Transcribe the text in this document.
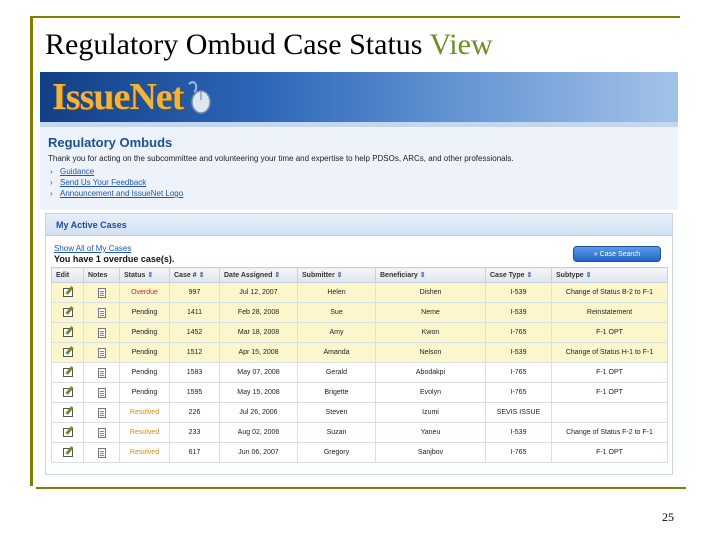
Regulatory Ombud Case Status View
IssueNet
Regulatory Ombuds
Thank you for acting on the subcommittee and volunteering your time and expertise to help PDSOs, ARCs, and other professionals.
› Guidance
› Send Us Your Feedback
› Announcement and IssueNet Logo
My Active Cases
Show All of My Cases
You have 1 overdue case(s).	» Case Search
Edit	Notes	Status ⇕	Case # ⇕	Date Assigned ⇕	Submitter ⇕	Beneficiary ⇕	Case Type ⇕	Subtype ⇕
		Overdue	997	Jul 12, 2007	Helen	Dishen	I-539	Change of Status B-2 to F-1
		Pending	1411	Feb 28, 2008	Sue	Neme	I-539	Reinstatement
		Pending	1452	Mar 18, 2008	Amy	Kwon	I-765	F-1 OPT
		Pending	1512	Apr 15, 2008	Amanda	Nelson	I-539	Change of Status H-1 to F-1
		Pending	1583	May 07, 2008	Gerald	Abodakpi	I-765	F-1 OPT
		Pending	1595	May 15, 2008	Brigette	Evolyn	I-765	F-1 OPT
		Resolved	226	Jul 26, 2006	Steven	Izumi	SEVIS ISSUE	
		Resolved	233	Aug 02, 2006	Suzan	Yaneu	I-539	Change of Status F-2 to F-1
		Resolved	617	Jun 06, 2007	Gregory	Sanjbov	I-765	F-1 OPT
25
